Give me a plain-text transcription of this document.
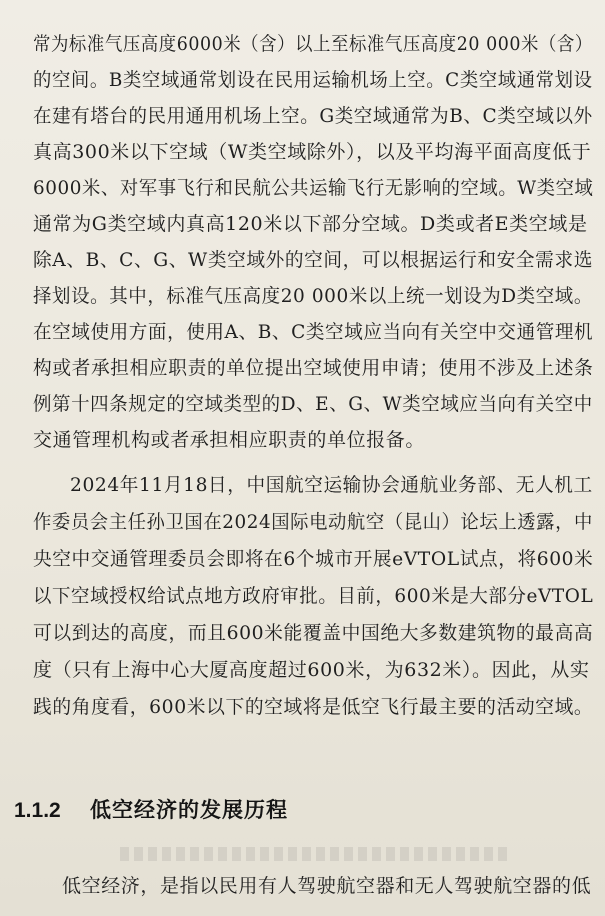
常为标准气压高度6000米（含）以上至标准气压高度20 000米（含）
的空间。B类空域通常划设在民用运输机场上空。C类空域通常划设
在建有塔台的民用通用机场上空。G类空域通常为B、C类空域以外
真高300米以下空域（W类空域除外），以及平均海平面高度低于
6000米、对军事飞行和民航公共运输飞行无影响的空域。W类空域
通常为G类空域内真高120米以下部分空域。D类或者E类空域是
除A、B、C、G、W类空域外的空间，可以根据运行和安全需求选
择划设。其中，标准气压高度20 000米以上统一划设为D类空域。
在空域使用方面，使用A、B、C类空域应当向有关空中交通管理机
构或者承担相应职责的单位提出空域使用申请；使用不涉及上述条
例第十四条规定的空域类型的D、E、G、W类空域应当向有关空中
交通管理机构或者承担相应职责的单位报备。
2024年11月18日，中国航空运输协会通航业务部、无人机工
作委员会主任孙卫国在2024国际电动航空（昆山）论坛上透露，中
央空中交通管理委员会即将在6个城市开展eVTOL试点，将600米
以下空域授权给试点地方政府审批。目前，600米是大部分eVTOL
可以到达的高度，而且600米能覆盖中国绝大多数建筑物的最高高
度（只有上海中心大厦高度超过600米，为632米）。因此，从实
践的角度看，600米以下的空域将是低空飞行最主要的活动空域。
1.1.2 低空经济的发展历程
低空经济，是指以民用有人驾驶航空器和无人驾驶航空器的低
